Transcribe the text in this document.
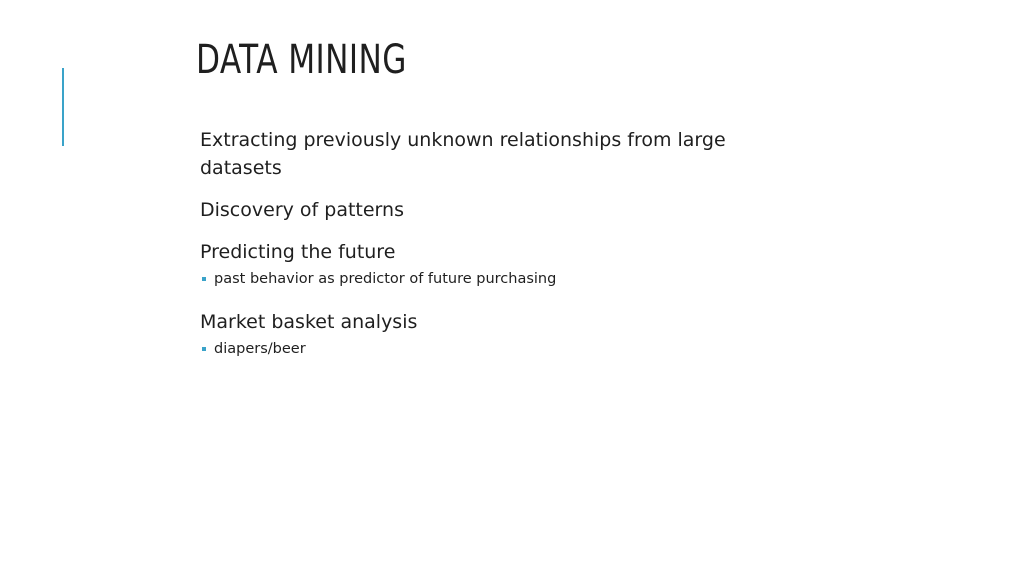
DATA MINING
Extracting previously unknown relationships from large datasets
Discovery of patterns
Predicting the future
past behavior as predictor of future purchasing
Market basket analysis
diapers/beer
